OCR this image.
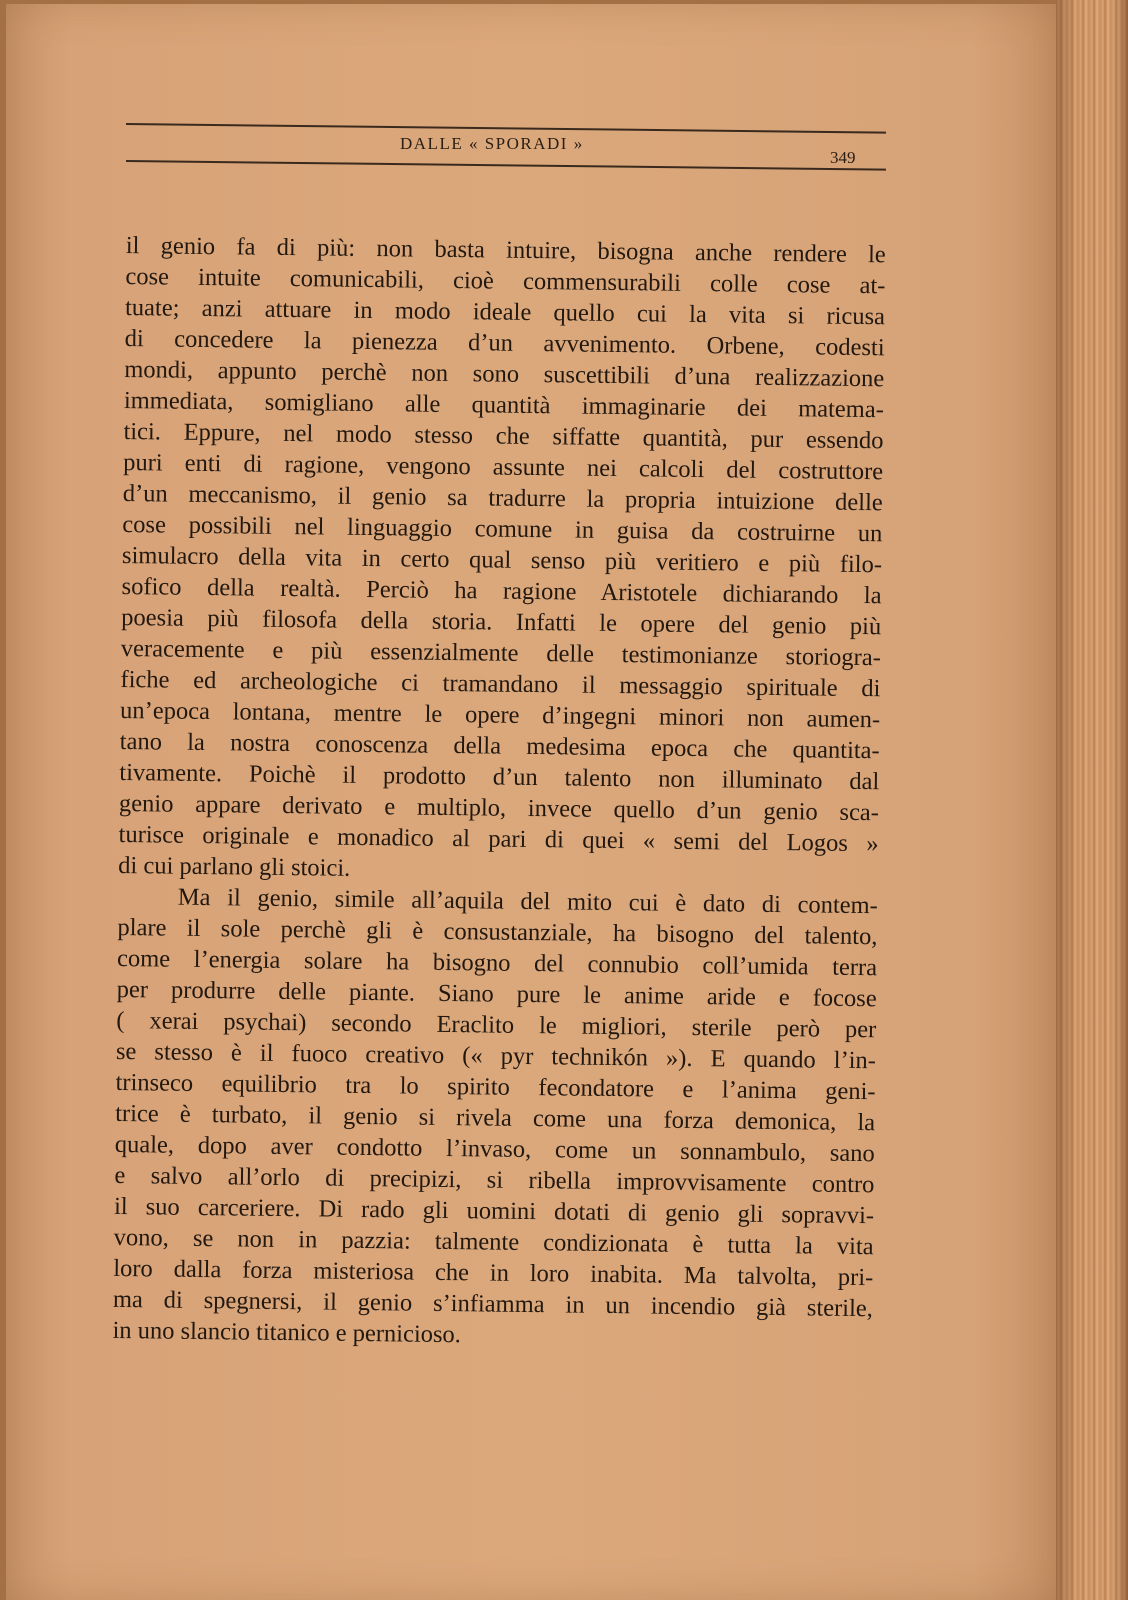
DALLE « SPORADI »
349
il genio fa di più: non basta intuire, bisogna anche rendere le
cose intuite comunicabili, cioè commensurabili colle cose at-
tuate; anzi attuare in modo ideale quello cui la vita si ricusa
di concedere la pienezza d’un avvenimento. Orbene, codesti
mondi, appunto perchè non sono suscettibili d’una realizzazione
immediata, somigliano alle quantità immaginarie dei matema-
tici. Eppure, nel modo stesso che siffatte quantità, pur essendo
puri enti di ragione, vengono assunte nei calcoli del costruttore
d’un meccanismo, il genio sa tradurre la propria intuizione delle
cose possibili nel linguaggio comune in guisa da costruirne un
simulacro della vita in certo qual senso più veritiero e più filo-
sofico della realtà. Perciò ha ragione Aristotele dichiarando la
poesia più filosofa della storia. Infatti le opere del genio più
veracemente e più essenzialmente delle testimonianze storiogra-
fiche ed archeologiche ci tramandano il messaggio spirituale di
un’epoca lontana, mentre le opere d’ingegni minori non aumen-
tano la nostra conoscenza della medesima epoca che quantita-
tivamente. Poichè il prodotto d’un talento non illuminato dal
genio appare derivato e multiplo, invece quello d’un genio sca-
turisce originale e monadico al pari di quei « semi del Logos »
di cui parlano gli stoici.
Ma il genio, simile all’aquila del mito cui è dato di contem-
plare il sole perchè gli è consustanziale, ha bisogno del talento,
come l’energia solare ha bisogno del connubio coll’umida terra
per produrre delle piante. Siano pure le anime aride e focose
( xerai psychai) secondo Eraclito le migliori, sterile però per
se stesso è il fuoco creativo (« pyr technikón »). E quando l’in-
trinseco equilibrio tra lo spirito fecondatore e l’anima geni-
trice è turbato, il genio si rivela come una forza demonica, la
quale, dopo aver condotto l’invaso, come un sonnambulo, sano
e salvo all’orlo di precipizi, si ribella improvvisamente contro
il suo carceriere. Di rado gli uomini dotati di genio gli sopravvi-
vono, se non in pazzia: talmente condizionata è tutta la vita
loro dalla forza misteriosa che in loro inabita. Ma talvolta, pri-
ma di spegnersi, il genio s’infiamma in un incendio già sterile,
in uno slancio titanico e pernicioso.
